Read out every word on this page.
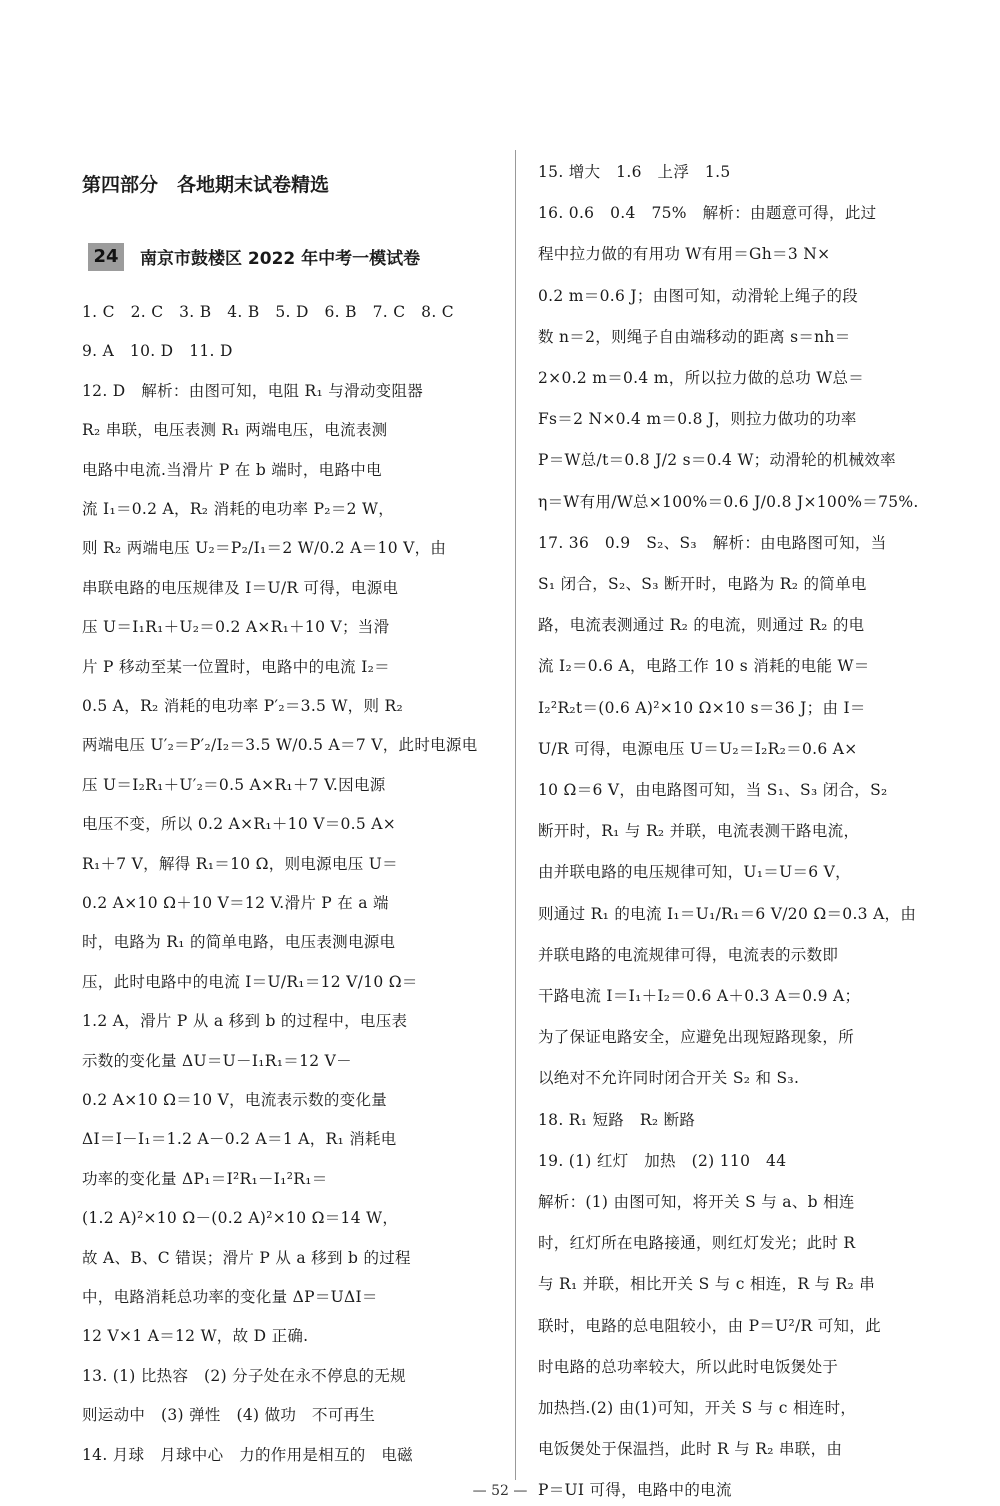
第四部分　各地期末试卷精选
24	南京市鼓楼区 2022 年中考一模试卷
1. C　2. C　3. B　4. B　5. D　6. B　7. C　8. C
9. A　10. D　11. D
12. D　解析：由图可知，电阻 R₁ 与滑动变阻器
R₂ 串联，电压表测 R₁ 两端电压，电流表测
电路中电流.当滑片 P 在 b 端时，电路中电
流 I₁＝0.2 A，R₂ 消耗的电功率 P₂＝2 W，
则 R₂ 两端电压 U₂＝P₂/I₁＝2 W/0.2 A＝10 V，由
串联电路的电压规律及 I＝U/R 可得，电源电
压 U＝I₁R₁＋U₂＝0.2 A×R₁＋10 V；当滑
片 P 移动至某一位置时，电路中的电流 I₂＝
0.5 A，R₂ 消耗的电功率 P′₂＝3.5 W，则 R₂
两端电压 U′₂＝P′₂/I₂＝3.5 W/0.5 A＝7 V，此时电源电
压 U＝I₂R₁＋U′₂＝0.5 A×R₁＋7 V.因电源
电压不变，所以 0.2 A×R₁＋10 V＝0.5 A×
R₁＋7 V，解得 R₁＝10 Ω，则电源电压 U＝
0.2 A×10 Ω＋10 V＝12 V.滑片 P 在 a 端
时，电路为 R₁ 的简单电路，电压表测电源电
压，此时电路中的电流 I＝U/R₁＝12 V/10 Ω＝
1.2 A，滑片 P 从 a 移到 b 的过程中，电压表
示数的变化量 ΔU＝U－I₁R₁＝12 V－
0.2 A×10 Ω＝10 V，电流表示数的变化量
ΔI＝I－I₁＝1.2 A－0.2 A＝1 A，R₁ 消耗电
功率的变化量 ΔP₁＝I²R₁－I₁²R₁＝
(1.2 A)²×10 Ω－(0.2 A)²×10 Ω＝14 W，
故 A、B、C 错误；滑片 P 从 a 移到 b 的过程
中，电路消耗总功率的变化量 ΔP＝UΔI＝
12 V×1 A＝12 W，故 D 正确.
13. (1) 比热容　(2) 分子处在永不停息的无规
则运动中　(3) 弹性　(4) 做功　不可再生
14. 月球　月球中心　力的作用是相互的　电磁
15. 增大　1.6　上浮　1.5
16. 0.6　0.4　75%　解析：由题意可得，此过
程中拉力做的有用功 W有用＝Gh＝3 N×
0.2 m＝0.6 J；由图可知，动滑轮上绳子的段
数 n＝2，则绳子自由端移动的距离 s＝nh＝
2×0.2 m＝0.4 m，所以拉力做的总功 W总＝
Fs＝2 N×0.4 m＝0.8 J，则拉力做功的功率
P＝W总/t＝0.8 J/2 s＝0.4 W；动滑轮的机械效率
η＝W有用/W总×100%＝0.6 J/0.8 J×100%＝75%.
17. 36　0.9　S₂、S₃　解析：由电路图可知，当
S₁ 闭合，S₂、S₃ 断开时，电路为 R₂ 的简单电
路，电流表测通过 R₂ 的电流，则通过 R₂ 的电
流 I₂＝0.6 A，电路工作 10 s 消耗的电能 W＝
I₂²R₂t＝(0.6 A)²×10 Ω×10 s＝36 J；由 I＝
U/R 可得，电源电压 U＝U₂＝I₂R₂＝0.6 A×
10 Ω＝6 V，由电路图可知，当 S₁、S₃ 闭合，S₂
断开时，R₁ 与 R₂ 并联，电流表测干路电流，
由并联电路的电压规律可知，U₁＝U＝6 V，
则通过 R₁ 的电流 I₁＝U₁/R₁＝6 V/20 Ω＝0.3 A，由
并联电路的电流规律可得，电流表的示数即
干路电流 I＝I₁＋I₂＝0.6 A＋0.3 A＝0.9 A；
为了保证电路安全，应避免出现短路现象，所
以绝对不允许同时闭合开关 S₂ 和 S₃.
18. R₁ 短路　R₂ 断路
19. (1) 红灯　加热　(2) 110　44
解析：(1) 由图可知，将开关 S 与 a、b 相连
时，红灯所在电路接通，则红灯发光；此时 R
与 R₁ 并联，相比开关 S 与 c 相连，R 与 R₂ 串
联时，电路的总电阻较小，由 P＝U²/R 可知，此
时电路的总功率较大，所以此时电饭煲处于
加热挡.(2) 由(1)可知，开关 S 与 c 相连时，
电饭煲处于保温挡，此时 R 与 R₂ 串联，由
P＝UI 可得，电路中的电流
— 52 —
